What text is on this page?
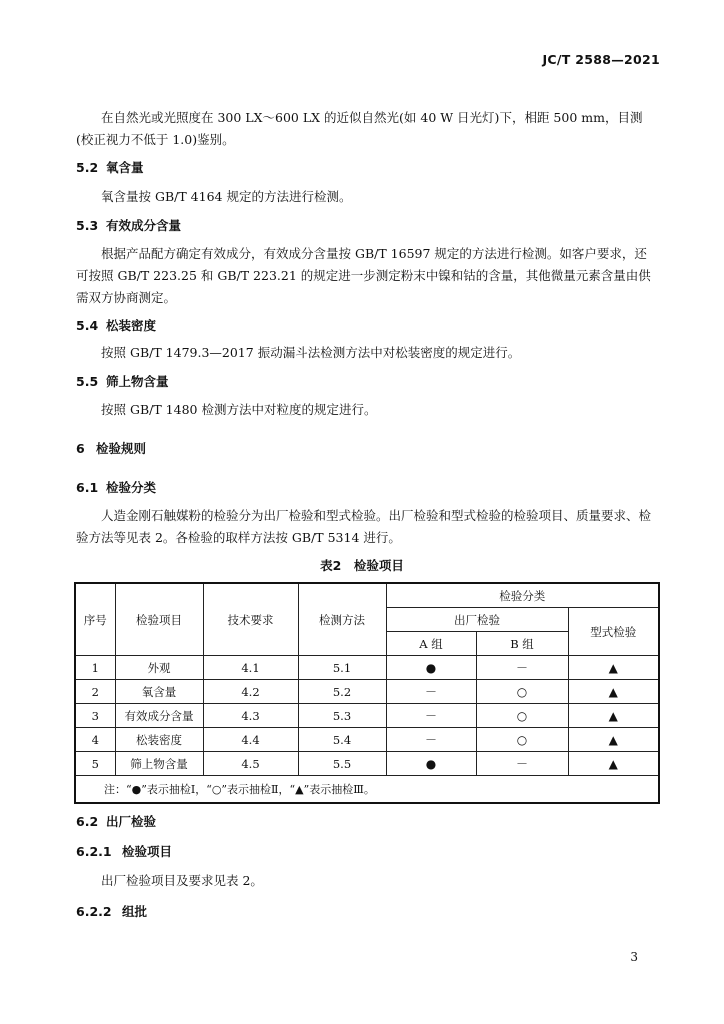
JC/T 2588—2021
在自然光或光照度在 300 LX～600 LX 的近似自然光(如 40 W 日光灯)下，相距 500 mm，目测(校正视力不低于 1.0)鉴别。
5.2 氧含量
氧含量按 GB/T 4164 规定的方法进行检测。
5.3 有效成分含量
根据产品配方确定有效成分，有效成分含量按 GB/T 16597 规定的方法进行检测。如客户要求，还可按照 GB/T 223.25 和 GB/T 223.21 的规定进一步测定粉末中镍和钴的含量，其他微量元素含量由供需双方协商测定。
5.4 松装密度
按照 GB/T 1479.3—2017 振动漏斗法检测方法中对松装密度的规定进行。
5.5 筛上物含量
按照 GB/T 1480 检测方法中对粒度的规定进行。
6 检验规则
6.1 检验分类
人造金刚石触媒粉的检验分为出厂检验和型式检验。出厂检验和型式检验的检验项目、质量要求、检验方法等见表 2。各检验的取样方法按 GB/T 5314 进行。
表2　检验项目
序号	检验项目	技术要求	检测方法	检验分类		
				出厂检验		型式检验
				A 组	B 组	
1	外观	4.1	5.1	●	－	▲
2	氧含量	4.2	5.2	－	○	▲
3	有效成分含量	4.3	5.3	－	○	▲
4	松装密度	4.4	5.4	－	○	▲
5	筛上物含量	4.5	5.5	●	－	▲
注：“●”表示抽检Ⅰ，“○”表示抽检Ⅱ，“▲”表示抽检Ⅲ。						
6.2 出厂检验
6.2.1 检验项目
出厂检验项目及要求见表 2。
6.2.2 组批
3
